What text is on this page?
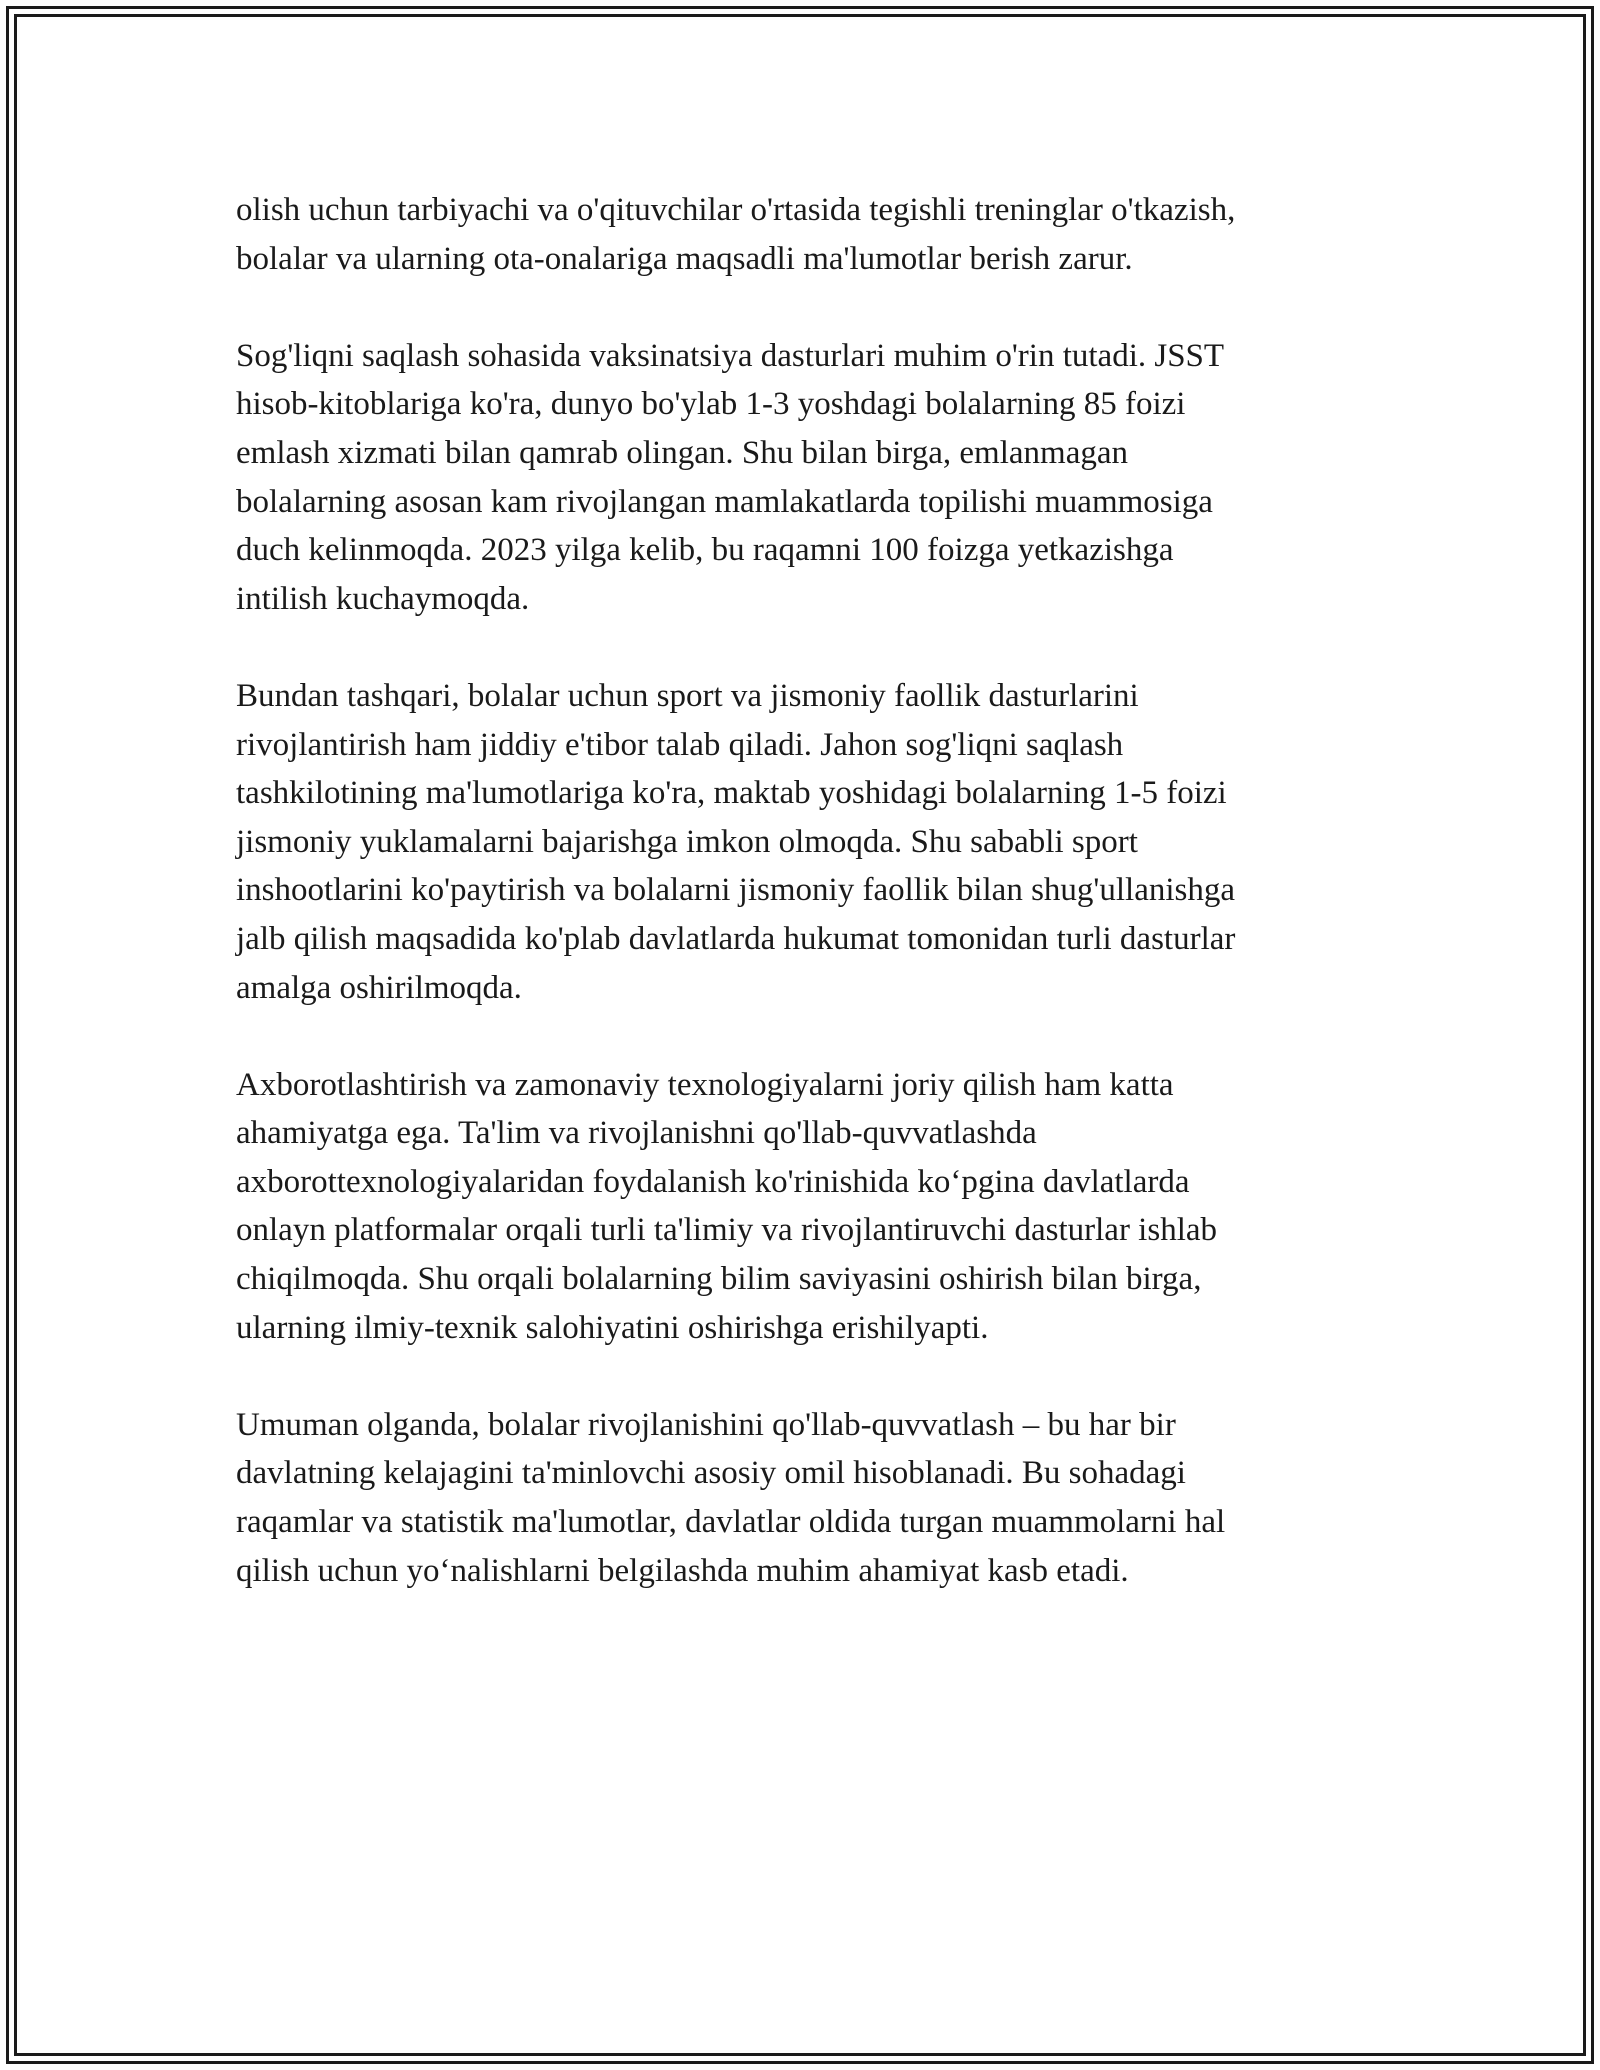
olish uchun tarbiyachi va o'qituvchilar o'rtasida tegishli treninglar o'tkazish,
bolalar va ularning ota-onalariga maqsadli ma'lumotlar berish zarur.

Sog'liqni saqlash sohasida vaksinatsiya dasturlari muhim o'rin tutadi. JSST
hisob-kitoblariga ko'ra, dunyo bo'ylab 1-3 yoshdagi bolalarning 85 foizi
emlash xizmati bilan qamrab olingan. Shu bilan birga, emlanmagan
bolalarning asosan kam rivojlangan mamlakatlarda topilishi muammosiga
duch kelinmoqda. 2023 yilga kelib, bu raqamni 100 foizga yetkazishga
intilish kuchaymoqda.

Bundan tashqari, bolalar uchun sport va jismoniy faollik dasturlarini
rivojlantirish ham jiddiy e'tibor talab qiladi. Jahon sog'liqni saqlash
tashkilotining ma'lumotlariga ko'ra, maktab yoshidagi bolalarning 1-5 foizi
jismoniy yuklamalarni bajarishga imkon olmoqda. Shu sababli sport
inshootlarini ko'paytirish va bolalarni jismoniy faollik bilan shug'ullanishga
jalb qilish maqsadida ko'plab davlatlarda hukumat tomonidan turli dasturlar
amalga oshirilmoqda.

Axborotlashtirish va zamonaviy texnologiyalarni joriy qilish ham katta
ahamiyatga ega. Ta'lim va rivojlanishni qo'llab-quvvatlashda
axborottexnologiyalaridan foydalanish ko'rinishida ko‘pgina davlatlarda
onlayn platformalar orqali turli ta'limiy va rivojlantiruvchi dasturlar ishlab
chiqilmoqda. Shu orqali bolalarning bilim saviyasini oshirish bilan birga,
ularning ilmiy-texnik salohiyatini oshirishga erishilyapti.

Umuman olganda, bolalar rivojlanishini qo'llab-quvvatlash – bu har bir
davlatning kelajagini ta'minlovchi asosiy omil hisoblanadi. Bu sohadagi
raqamlar va statistik ma'lumotlar, davlatlar oldida turgan muammolarni hal
qilish uchun yo‘nalishlarni belgilashda muhim ahamiyat kasb etadi.
